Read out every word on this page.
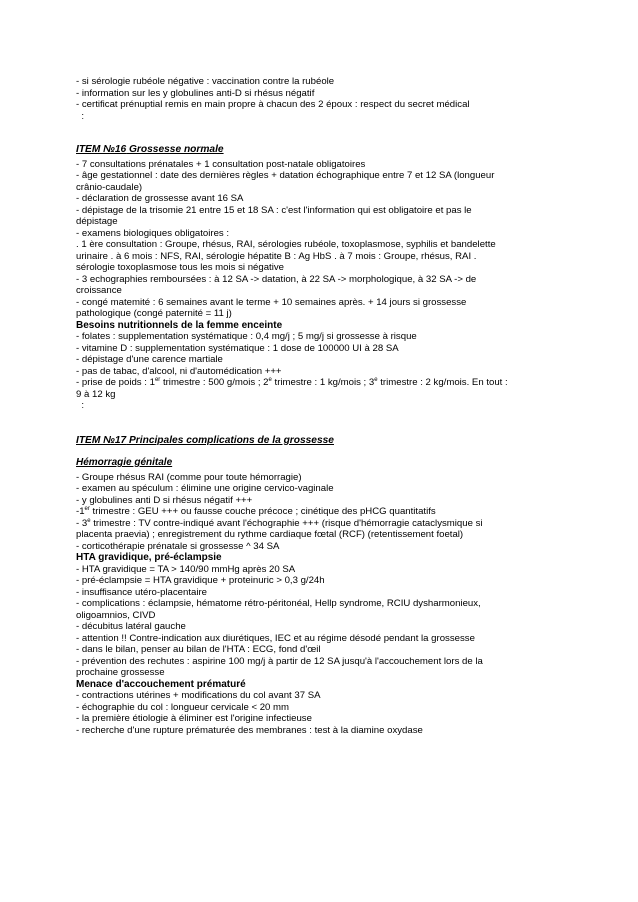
- si sérologie rubéole négative : vaccination contre la rubéole

- information sur les y globulines anti-D si rhésus négatif

- certificat prénuptial remis en main propre à chacun des 2 époux : respect du secret médical

:

ITEM №16 Grossesse normale

- 7 consultations prénatales + 1 consultation post-natale obligatoires

- âge gestationnel : date des dernières règles + datation échographique entre 7 et 12 SA (longueur

crânio-caudale)

- déclaration de grossesse avant 16 SA

- dépistage de la trisomie 21 entre 15 et 18 SA : c'est l'information qui est obligatoire et pas le

dépistage

- examens biologiques obligatoires :

. 1 ère consultation : Groupe, rhésus, RAI, sérologies rubéole, toxoplasmose, syphilis et bandelette

urinaire . à 6 mois : NFS, RAI, sérologie hépatite B : Ag HbS . à 7 mois : Groupe, rhésus, RAI .

sérologie toxoplasmose tous les mois si négative

- 3 echographies remboursées : à 12 SA -> datation, à 22 SA -> morphologique, à 32 SA -> de

croissance

- congé matemité : 6 semaines avant le terme + 10 semaines après. + 14 jours si grossesse

pathologique (congé paternité = 11 j)

Besoins nutritionnels de la femme enceinte

- folates : supplementation systématique : 0,4 mg/j ; 5 mg/j si grossesse à risque

- vitamine D : supplementation systématique : 1 dose de 100000 UI à 28 SA

- dépistage d'une carence martiale

- pas de tabac, d'alcool, ni d'automédication +++

- prise de poids : 1er trimestre : 500 g/mois ; 2e trimestre : 1 kg/mois ; 3e trimestre : 2 kg/mois. En tout :

9 à 12 kg

:

ITEM №17 Principales complications de la grossesse

Hémorragie génitale

- Groupe rhésus RAI (comme pour toute hémorragie)

- examen au spéculum : élimine une origine cervico-vaginale

- y globulines anti D si rhésus négatif +++

-1er trimestre : GEU +++ ou fausse couche précoce ; cinétique des pHCG quantitatifs

- 3e trimestre : TV contre-indiqué avant l'échographie +++ (risque d'hémorragie cataclysmique si

placenta praevia) ; enregistrement du rythme cardiaque fœtal (RCF) (retentissement foetal)

- corticothérapie prénatale si grossesse ^ 34 SA

HTA gravidique, pré-éclampsie

- HTA gravidique = TA > 140/90 mmHg après 20 SA

- pré-éclampsie = HTA gravidique + proteinuric > 0,3 g/24h

- insuffisance utéro-placentaire

- complications : éclampsie, hématome rétro-péritonéal, Hellp syndrome, RCIU dysharmonieux,

oligoamnios, CIVD

- décubitus latéral gauche

- attention !! Contre-indication aux diurétiques, IEC et au régime désodé pendant la grossesse

- dans le bilan, penser au bilan de l'HTA : ECG, fond d'œil

- prévention des rechutes : aspirine 100 mg/j à partir de 12 SA jusqu'à l'accouchement lors de la

prochaine grossesse

Menace d'accouchement prématuré

- contractions utérines + modifications du col avant 37 SA

- échographie du col : longueur cervicale < 20 mm

- la première étiologie à éliminer est l'origine infectieuse

- recherche d'une rupture prématurée des membranes : test à la diamine oxydase
